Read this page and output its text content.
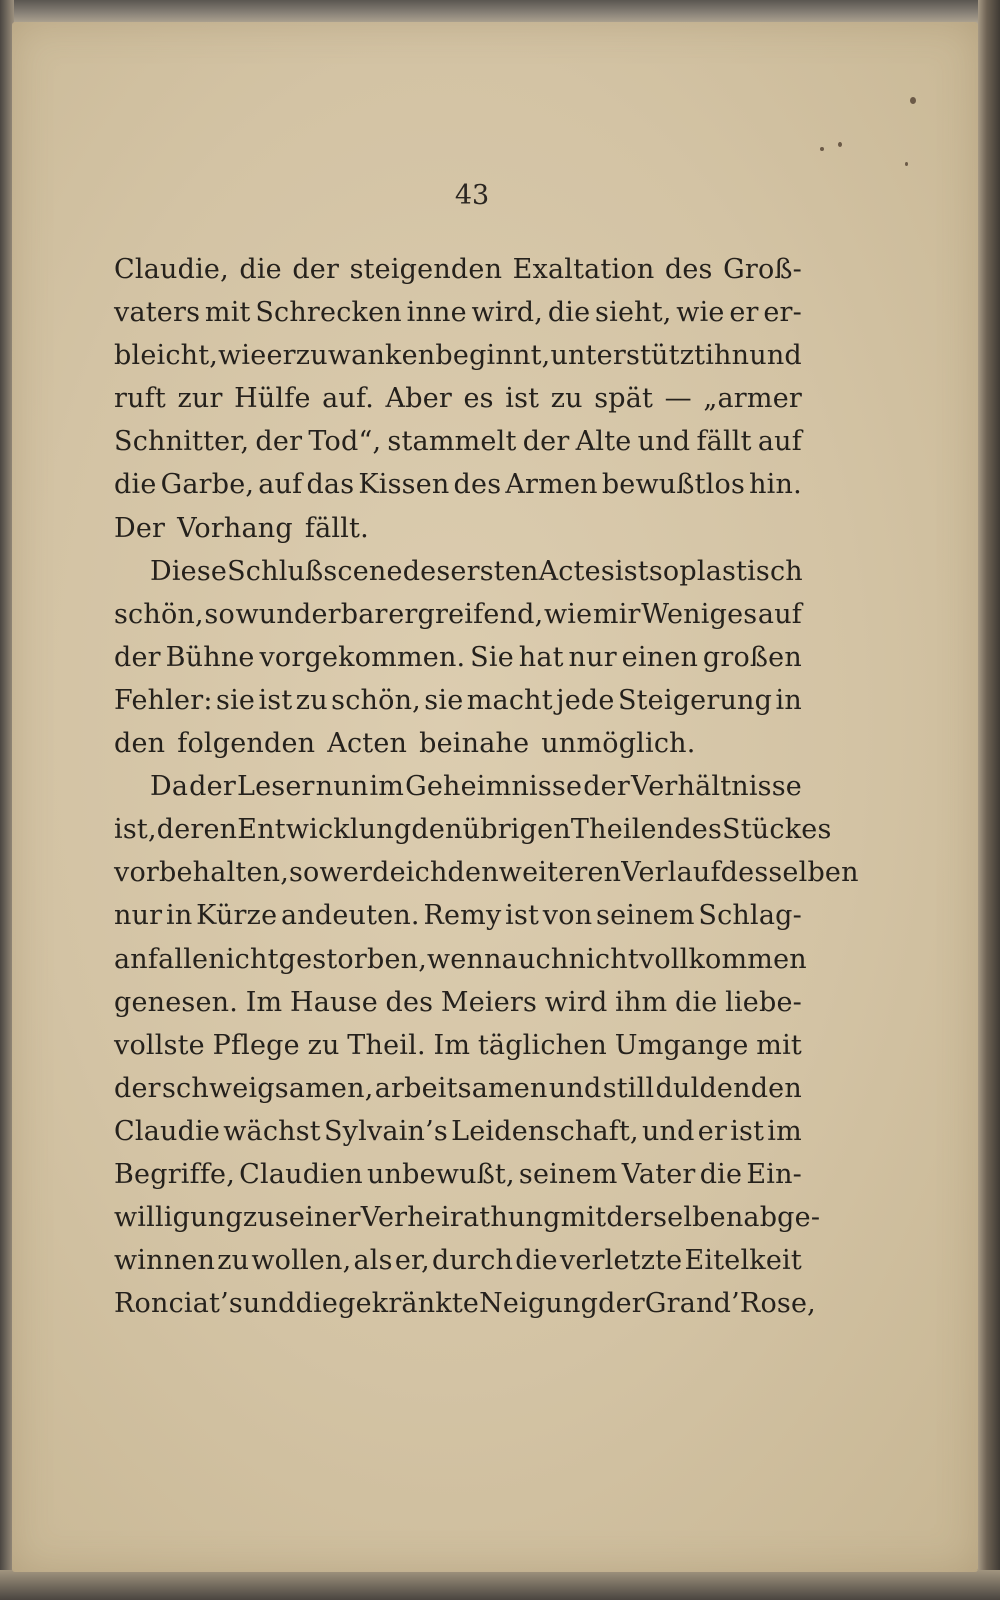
43
Claudie, die der steigenden Exaltation des Groß-
vaters mit Schrecken inne wird, die sieht, wie er er-
bleicht, wie er zu wanken beginnt, unterstützt ihn und
ruft zur Hülfe auf. Aber es ist zu spät — „armer
Schnitter, der Tod“, stammelt der Alte und fällt auf
die Garbe, auf das Kissen des Armen bewußtlos hin.
Der Vorhang fällt.
Diese Schlußscene des ersten Actes ist so plastisch
schön, so wunderbar ergreifend, wie mir Weniges auf
der Bühne vorgekommen. Sie hat nur einen großen
Fehler: sie ist zu schön, sie macht jede Steigerung in
den folgenden Acten beinahe unmöglich.
Da der Leser nun im Geheimnisse der Verhältnisse
ist, deren Entwicklung den übrigen Theilen des Stückes
vorbehalten, so werde ich den weiteren Verlauf desselben
nur in Kürze andeuten. Remy ist von seinem Schlag-
anfalle nicht gestorben, wenn auch nicht vollkommen
genesen. Im Hause des Meiers wird ihm die liebe-
vollste Pflege zu Theil. Im täglichen Umgange mit
der schweigsamen, arbeitsamen und still duldenden
Claudie wächst Sylvain’s Leidenschaft, und er ist im
Begriffe, Claudien unbewußt, seinem Vater die Ein-
willigung zu seiner Verheirathung mit derselben abge-
winnen zu wollen, als er, durch die verletzte Eitelkeit
Ronciat’s und die gekränkte Neigung der Grand’ Rose,
